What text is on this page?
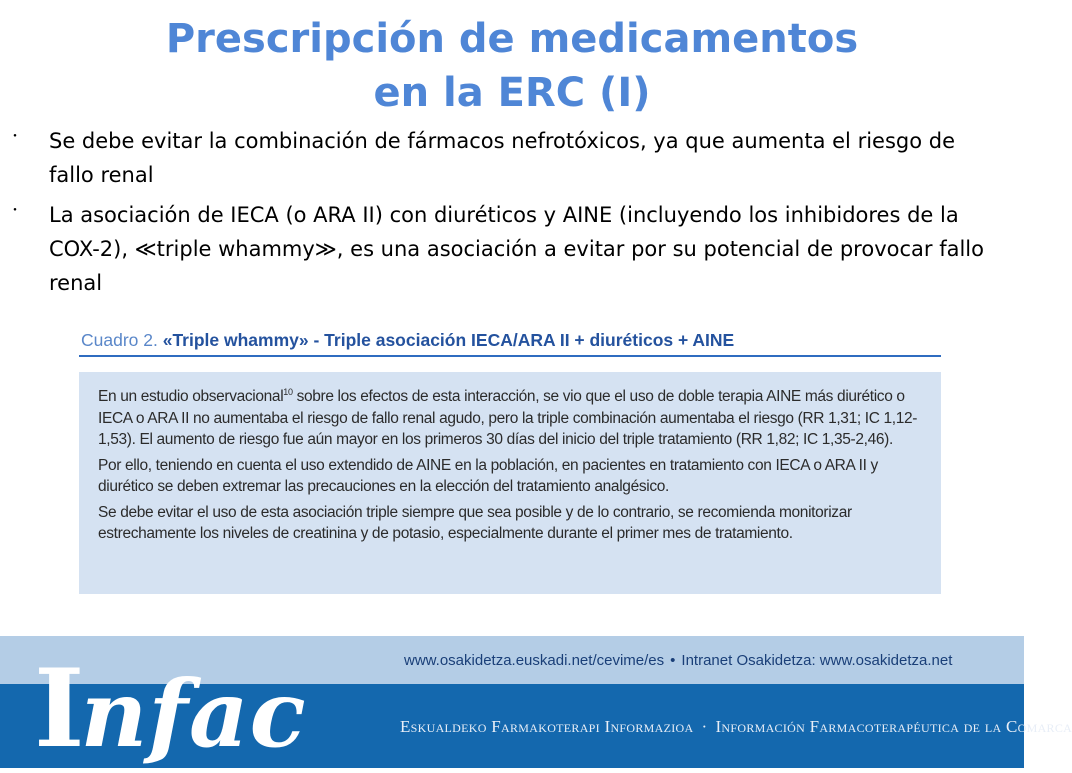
Prescripción de medicamentos
en la ERC (I)
・ Se debe evitar la combinación de fármacos nefrotóxicos, ya que aumenta el riesgo de fallo renal
・ La asociación de IECA (o ARA II) con diuréticos y AINE (incluyendo los inhibidores de la COX-2), ≪triple whammy≫, es una asociación a evitar por su potencial de provocar fallo renal
Cuadro 2. «Triple whammy» - Triple asociación IECA/ARA II + diuréticos + AINE

En un estudio observacional$^{10}$ sobre los efectos de esta interacción, se vio que el uso de doble terapia AINE más diurético o IECA o ARA II no aumentaba el riesgo de fallo renal agudo, pero la triple combinación aumentaba el riesgo (RR 1,31; IC 1,12-1,53). El aumento de riesgo fue aún mayor en los primeros 30 días del inicio del triple tratamiento (RR 1,82; IC 1,35-2,46).

Por ello, teniendo en cuenta el uso extendido de AINE en la población, en pacientes en tratamiento con IECA o ARA II y diurético se deben extremar las precauciones en la elección del tratamiento analgésico.

Se debe evitar el uso de esta asociación triple siempre que sea posible y de lo contrario, se recomienda monitorizar estrechamente los niveles de creatinina y de potasio, especialmente durante el primer mes de tratamiento.

www.osakidetza.euskadi.net/cevime/es • Intranet Osakidetza: www.osakidetza.net
Infac	Eskualdeko Farmakoterapi Informazioa · Información Farmacoterapéutica de la Comarca
